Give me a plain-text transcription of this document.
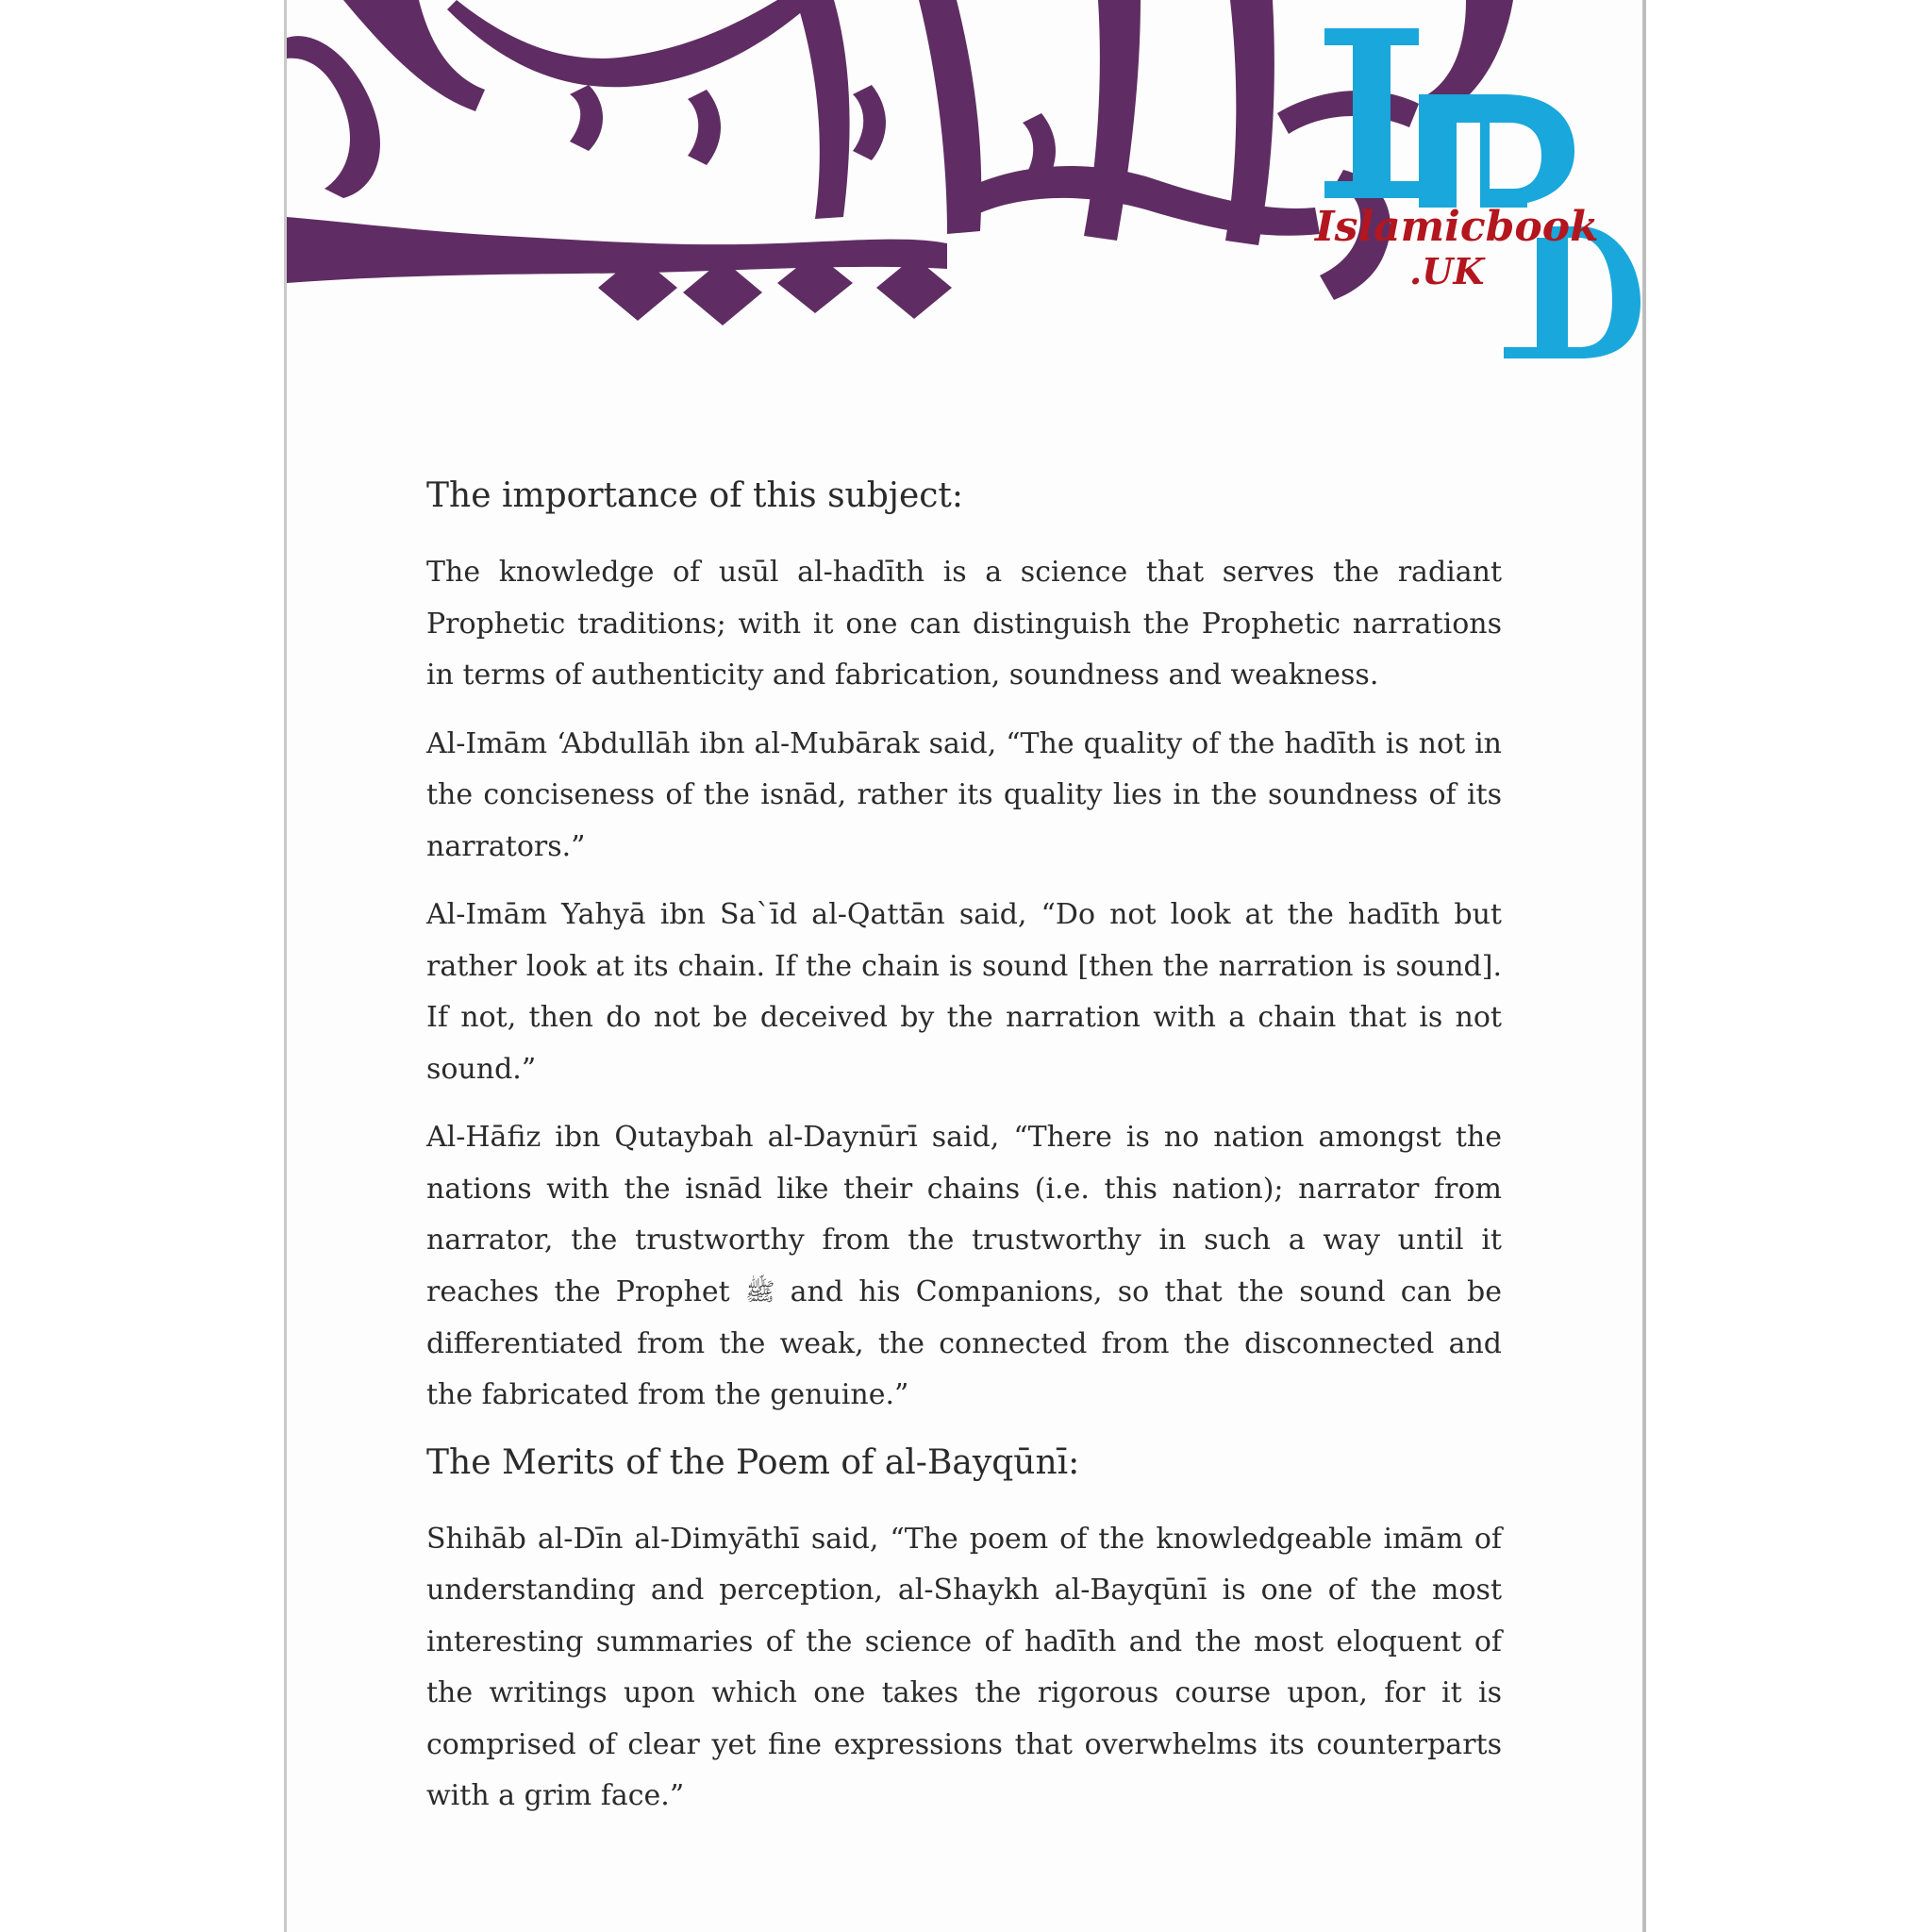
Islamicbook
.UK
The importance of this subject:

The knowledge of usūl al-hadīth is a science that serves the radiant Prophetic traditions; with it one can distinguish the Prophetic narrations in terms of authenticity and fabrication, soundness and weakness.

Al-Imām ‘Abdullāh ibn al-Mubārak said, “The quality of the hadīth is not in the conciseness of the isnād, rather its quality lies in the soundness of its narrators.”

Al-Imām Yahyā ibn Sa`īd al-Qattān said, “Do not look at the hadīth but rather look at its chain. If the chain is sound [then the narration is sound]. If not, then do not be deceived by the narration with a chain that is not sound.”

Al-Hāfiz ibn Qutaybah al-Daynūrī said, “There is no nation amongst the nations with the isnād like their chains (i.e. this nation); narrator from narrator, the trustworthy from the trustworthy in such a way until it reaches the Prophet ﷺ and his Companions, so that the sound can be differentiated from the weak, the connected from the disconnected and the fabricated from the genuine.”

The Merits of the Poem of al-Bayqūnī:

Shihāb al-Dīn al-Dimyāthī said, “The poem of the knowledgeable imām of understanding and perception, al-Shaykh al-Bayqūnī is one of the most interesting summaries of the science of hadīth and the most eloquent of the writings upon which one takes the rigorous course upon, for it is comprised of clear yet fine expressions that overwhelms its counterparts with a grim face.”
